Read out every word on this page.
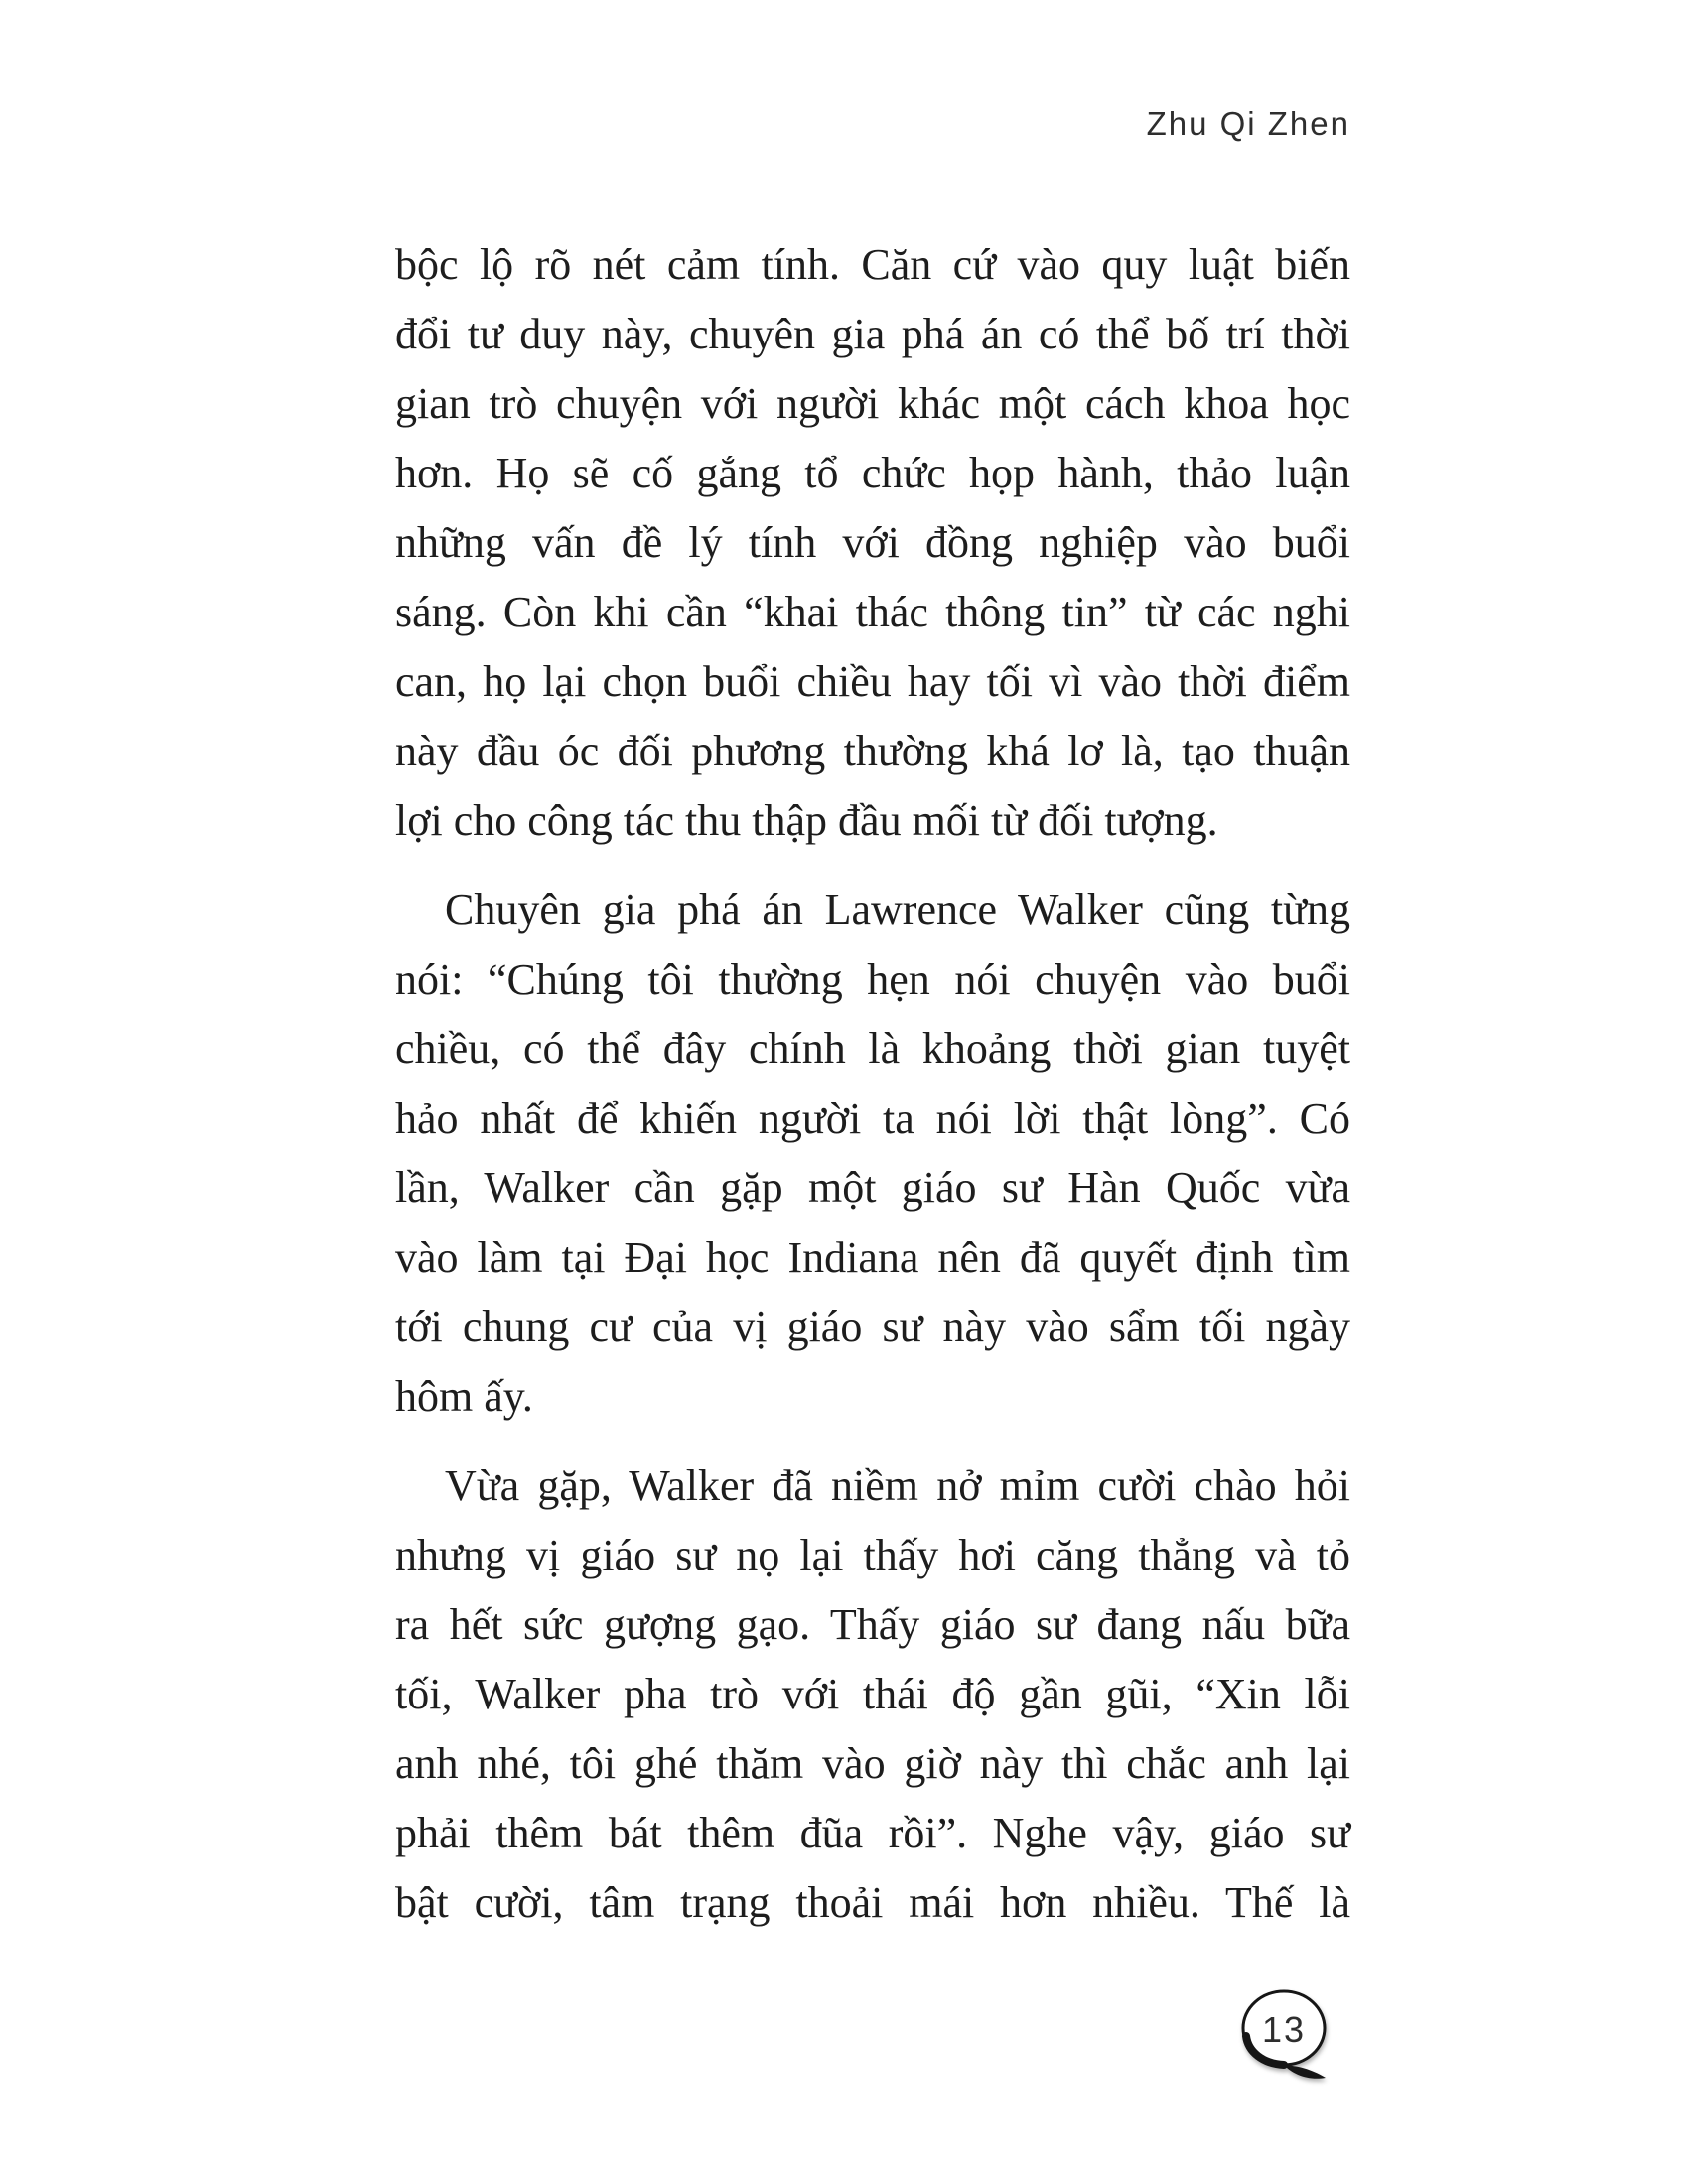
Zhu Qi Zhen
bộc lộ rõ nét cảm tính. Căn cứ vào quy luật biến
đổi tư duy này, chuyên gia phá án có thể bố trí thời
gian trò chuyện với người khác một cách khoa học
hơn. Họ sẽ cố gắng tổ chức họp hành, thảo luận
những vấn đề lý tính với đồng nghiệp vào buổi
sáng. Còn khi cần “khai thác thông tin” từ các nghi
can, họ lại chọn buổi chiều hay tối vì vào thời điểm
này đầu óc đối phương thường khá lơ là, tạo thuận
lợi cho công tác thu thập đầu mối từ đối tượng.
Chuyên gia phá án Lawrence Walker cũng từng
nói: “Chúng tôi thường hẹn nói chuyện vào buổi
chiều, có thể đây chính là khoảng thời gian tuyệt
hảo nhất để khiến người ta nói lời thật lòng”. Có
lần, Walker cần gặp một giáo sư Hàn Quốc vừa
vào làm tại Đại học Indiana nên đã quyết định tìm
tới chung cư của vị giáo sư này vào sẩm tối ngày
hôm ấy.
Vừa gặp, Walker đã niềm nở mỉm cười chào hỏi
nhưng vị giáo sư nọ lại thấy hơi căng thẳng và tỏ
ra hết sức gượng gạo. Thấy giáo sư đang nấu bữa
tối, Walker pha trò với thái độ gần gũi, “Xin lỗi
anh nhé, tôi ghé thăm vào giờ này thì chắc anh lại
phải thêm bát thêm đũa rồi”. Nghe vậy, giáo sư
bật cười, tâm trạng thoải mái hơn nhiều. Thế là
13
